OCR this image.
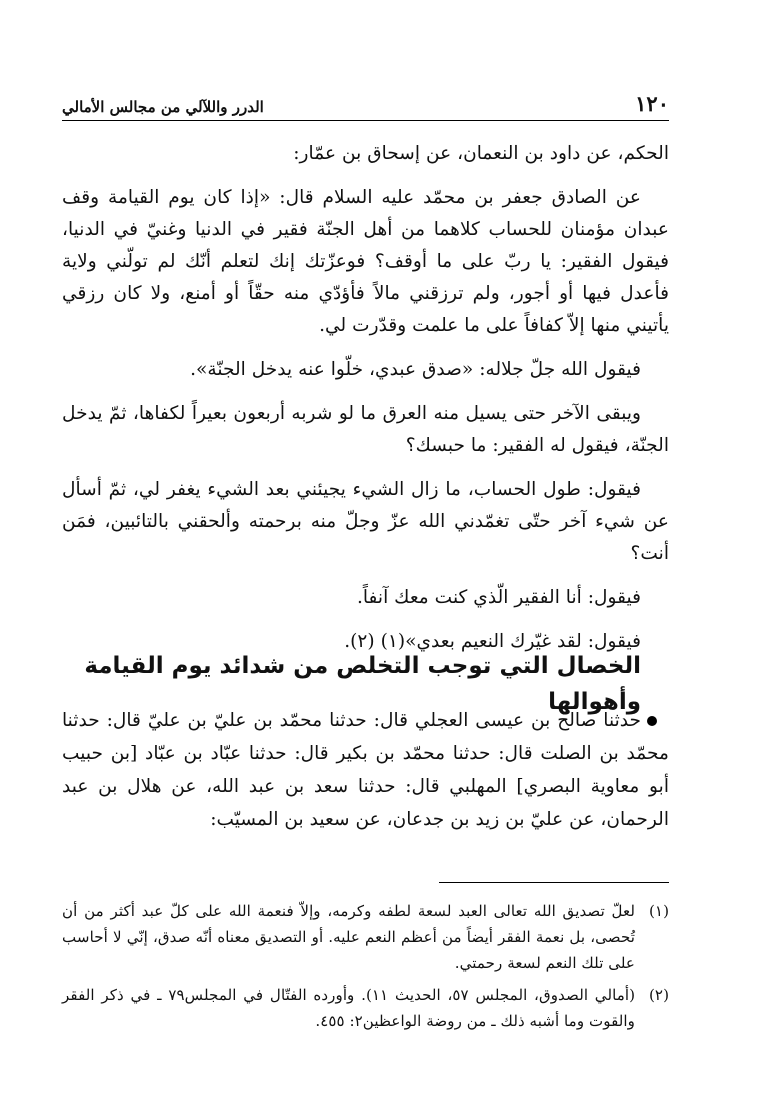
١٢٠
الدرر واللآلي من مجالس الأمالي

الحكم، عن داود بن النعمان، عن إسحاق بن عمّار:

عن الصادق جعفر بن محمّد عليه السلام قال: «إذا كان يوم القيامة وقف عبدان مؤمنان للحساب كلاهما من أهل الجنّة فقير في الدنيا وغنيّ في الدنيا، فيقول الفقير: يا ربّ على ما أوقف؟ فوعزّتك إنك لتعلم أنّك لم تولّني ولاية فأعدل فيها أو أجور، ولم ترزقني مالاً فأؤدّي منه حقّاً أو أمنع، ولا كان رزقي يأتيني منها إلاّ كفافاً على ما علمت وقدّرت لي.

فيقول الله جلّ جلاله: «صدق عبدي، خلّوا عنه يدخل الجنّة».

ويبقى الآخر حتى يسيل منه العرق ما لو شربه أربعون بعيراً لكفاها، ثمّ يدخل الجنّة، فيقول له الفقير: ما حبسك؟

فيقول: طول الحساب، ما زال الشيء يجيئني بعد الشيء يغفر لي، ثمّ أسأل عن شيء آخر حتّى تغمّدني الله عزّ وجلّ منه برحمته وألحقني بالتائبين، فمَن أنت؟

فيقول: أنا الفقير الّذي كنت معك آنفاً.

فيقول: لقد غيّرك النعيم بعدي»(١) (٢).

الخصال التي توجب التخلص من شدائد يوم القيامة وأهوالها

حدثنا صالح بن عيسى العجلي قال: حدثنا محمّد بن عليّ بن عليّ قال: حدثنا محمّد بن الصلت قال: حدثنا محمّد بن بكير قال: حدثنا عبّاد بن عبّاد [بن حبيب أبو معاوية البصري] المهلبي قال: حدثنا سعد بن عبد الله، عن هلال بن عبد الرحمان، عن عليّ بن زيد بن جدعان، عن سعيد بن المسيّب:

(١)
لعلّ تصديق الله تعالى العبد لسعة لطفه وكرمه، وإلاّ فنعمة الله على كلّ عبد أكثر من أن تُحصى، بل نعمة الفقر أيضاً من أعظم النعم عليه. أو التصديق معناه أنّه صدق، إنّي لا أحاسب على تلك النعم لسعة رحمتي.
(٢)
(أمالي الصدوق، المجلس ٥٧، الحديث ١١). وأورده الفتّال في المجلس٧٩ ـ في ذكر الفقر والقوت وما أشبه ذلك ـ من روضة الواعظين٢: ٤٥٥.
